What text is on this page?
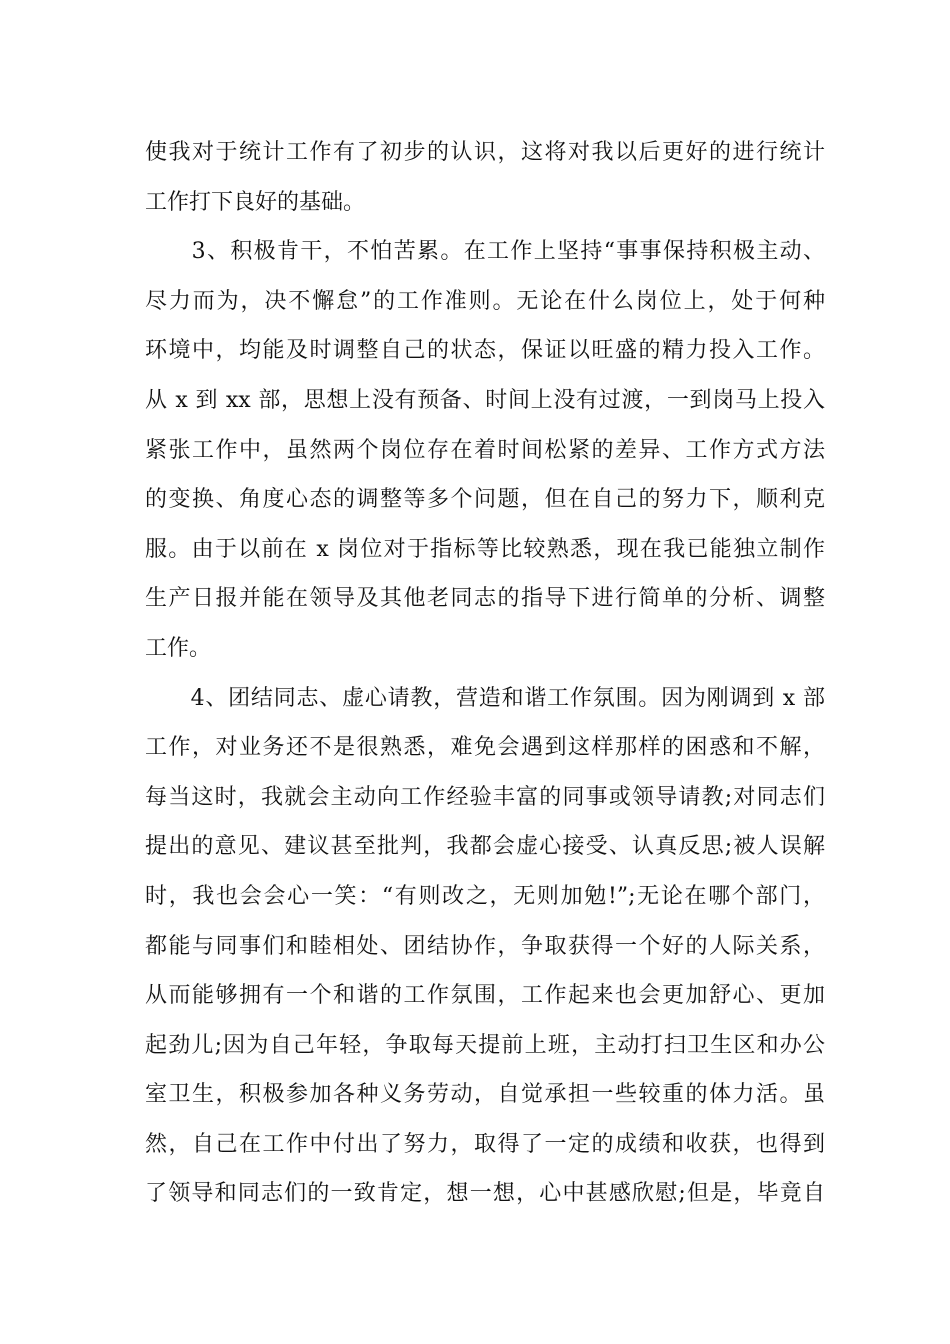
使我对于统计工作有了初步的认识，这将对我以后更好的进行统计
工作打下良好的基础。
　　3、积极肯干，不怕苦累。在工作上坚持“事事保持积极主动、
尽力而为，决不懈怠”的工作准则。无论在什么岗位上，处于何种
环境中，均能及时调整自己的状态，保证以旺盛的精力投入工作。
从 x 到 xx 部，思想上没有预备、时间上没有过渡，一到岗马上投入
紧张工作中，虽然两个岗位存在着时间松紧的差异、工作方式方法
的变换、角度心态的调整等多个问题，但在自己的努力下，顺利克
服。由于以前在 x 岗位对于指标等比较熟悉，现在我已能独立制作
生产日报并能在领导及其他老同志的指导下进行简单的分析、调整
工作。
　　4、团结同志、虚心请教，营造和谐工作氛围。因为刚调到 x 部
工作，对业务还不是很熟悉，难免会遇到这样那样的困惑和不解，
每当这时，我就会主动向工作经验丰富的同事或领导请教;对同志们
提出的意见、建议甚至批判，我都会虚心接受、认真反思;被人误解
时，我也会会心一笑：“有则改之，无则加勉!”;无论在哪个部门，
都能与同事们和睦相处、团结协作，争取获得一个好的人际关系，
从而能够拥有一个和谐的工作氛围，工作起来也会更加舒心、更加
起劲儿;因为自己年轻，争取每天提前上班，主动打扫卫生区和办公
室卫生，积极参加各种义务劳动，自觉承担一些较重的体力活。虽
然，自己在工作中付出了努力，取得了一定的成绩和收获，也得到
了领导和同志们的一致肯定，想一想，心中甚感欣慰;但是，毕竟自
